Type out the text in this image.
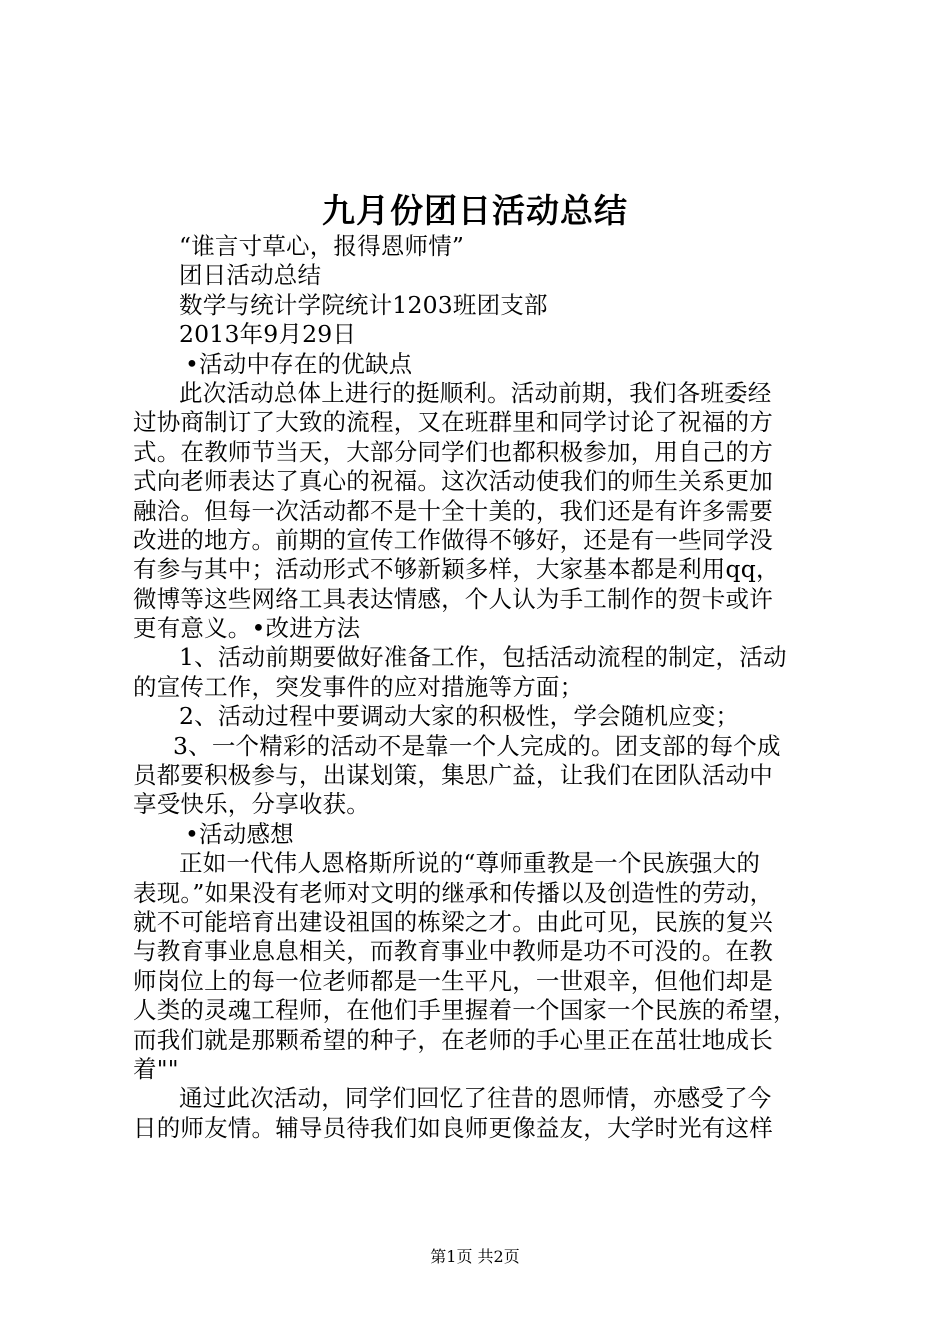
九月份团日活动总结
“谁言寸草心，报得恩师情”
团日活动总结
数学与统计学院统计1203班团支部
2013年9月29日
•活动中存在的优缺点
此次活动总体上进行的挺顺利。活动前期，我们各班委经
过协商制订了大致的流程，又在班群里和同学讨论了祝福的方
式。在教师节当天，大部分同学们也都积极参加，用自己的方
式向老师表达了真心的祝福。这次活动使我们的师生关系更加
融洽。但每一次活动都不是十全十美的，我们还是有许多需要
改进的地方。前期的宣传工作做得不够好，还是有一些同学没
有参与其中；活动形式不够新颖多样，大家基本都是利用qq，
微博等这些网络工具表达情感，个人认为手工制作的贺卡或许
更有意义。•改进方法
1、活动前期要做好准备工作，包括活动流程的制定，活动
的宣传工作，突发事件的应对措施等方面；
2、活动过程中要调动大家的积极性，学会随机应变；
3、一个精彩的活动不是靠一个人完成的。团支部的每个成
员都要积极参与，出谋划策，集思广益，让我们在团队活动中
享受快乐，分享收获。
•活动感想
正如一代伟人恩格斯所说的“尊师重教是一个民族强大的
表现。”如果没有老师对文明的继承和传播以及创造性的劳动，
就不可能培育出建设祖国的栋梁之才。由此可见，民族的复兴
与教育事业息息相关，而教育事业中教师是功不可没的。在教
师岗位上的每一位老师都是一生平凡，一世艰辛，但他们却是
人类的灵魂工程师，在他们手里握着一个国家一个民族的希望，
而我们就是那颗希望的种子，在老师的手心里正在茁壮地成长
着""
通过此次活动，同学们回忆了往昔的恩师情，亦感受了今
日的师友情。辅导员待我们如良师更像益友，大学时光有这样
第1页 共2页
